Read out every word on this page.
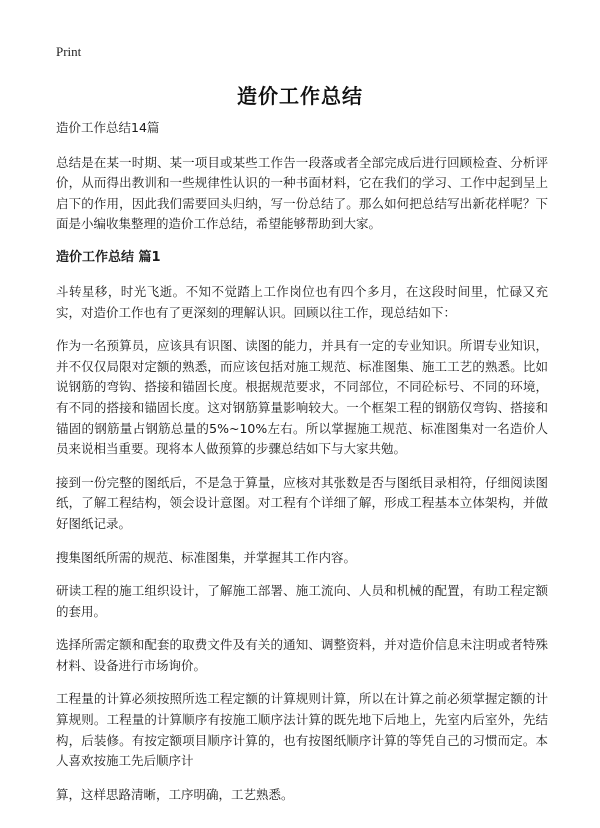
Print
造价工作总结

造价工作总结14篇

总结是在某一时期、某一项目或某些工作告一段落或者全部完成后进行回顾检查、分析评价，从而得出教训和一些规律性认识的一种书面材料，它在我们的学习、工作中起到呈上启下的作用，因此我们需要回头归纳，写一份总结了。那么如何把总结写出新花样呢？下面是小编收集整理的造价工作总结，希望能够帮助到大家。

造价工作总结 篇1

斗转星移，时光飞逝。不知不觉踏上工作岗位也有四个多月，在这段时间里，忙碌又充实，对造价工作也有了更深刻的理解认识。回顾以往工作，现总结如下：

作为一名预算员，应该具有识图、读图的能力，并具有一定的专业知识。所谓专业知识，并不仅仅局限对定额的熟悉，而应该包括对施工规范、标准图集、施工工艺的熟悉。比如说钢筋的弯钩、搭接和锚固长度。根据规范要求，不同部位，不同砼标号、不同的环境，有不同的搭接和锚固长度。这对钢筋算量影响较大。一个框架工程的钢筋仅弯钩、搭接和锚固的钢筋量占钢筋总量的5%~10%左右。所以掌握施工规范、标准图集对一名造价人员来说相当重要。现将本人做预算的步骤总结如下与大家共勉。

接到一份完整的图纸后，不是急于算量，应核对其张数是否与图纸目录相符，仔细阅读图纸，了解工程结构，领会设计意图。对工程有个详细了解，形成工程基本立体架构，并做好图纸记录。

搜集图纸所需的规范、标准图集，并掌握其工作内容。

研读工程的施工组织设计，了解施工部署、施工流向、人员和机械的配置，有助工程定额的套用。

选择所需定额和配套的取费文件及有关的通知、调整资料，并对造价信息未注明或者特殊材料、设备进行市场询价。

工程量的计算必须按照所选工程定额的计算规则计算，所以在计算之前必须掌握定额的计算规则。工程量的计算顺序有按施工顺序法计算的既先地下后地上，先室内后室外，先结构，后装修。有按定额项目顺序计算的，也有按图纸顺序计算的等凭自己的习惯而定。本人喜欢按施工先后顺序计

算，这样思路清晰，工序明确，工艺熟悉。
